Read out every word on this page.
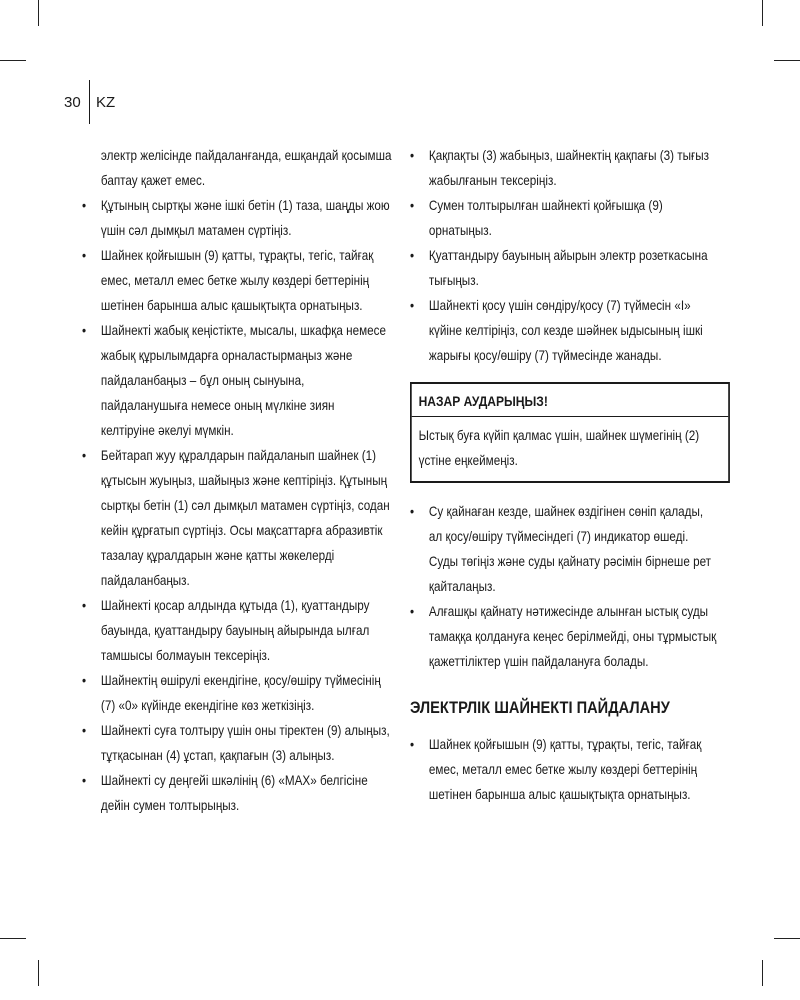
30 KZ

электр желісінде пайдаланғанда, ешқандай қосымша баптау қажет емес.

• Құтының сыртқы және ішкі бетін (1) таза, шаңды жою үшін сәл дымқыл матамен сүртіңіз.
• Шайнек қойғышын (9) қатты, тұрақты, тегіс, тайғақ емес, металл емес бетке жылу көздері беттерінің шетінен барынша алыс қашықтықта орнатыңыз.
• Шайнекті жабық кеңістікте, мысалы, шкафқа немесе жабық құрылымдарға орналастырмаңыз және пайдаланбаңыз – бұл оның сынуына, пайдаланушыға немесе оның мүлкіне зиян келтіруіне әкелуі мүмкін.
• Бейтарап жуу құралдарын пайдаланып шайнек (1) құтысын жуыңыз, шайыңыз және кептіріңіз. Құтының сыртқы бетін (1) сәл дымқыл матамен сүртіңіз, содан кейін құрғатып сүртіңіз. Осы мақсаттарға абразивтік тазалау құралдарын және қатты жөкелерді пайдаланбаңыз.
• Шайнекті қосар алдында құтыда (1), қуаттандыру бауында, қуаттандыру бауының айырында ылғал тамшысы болмауын тексеріңіз.
• Шайнектің өшірулі екендігіне, қосу/өшіру түймесінің (7) «0» күйінде екендігіне көз жеткізіңіз.
• Шайнекті суға толтыру үшін оны тіректен (9) алыңыз, тұтқасынан (4) ұстап, қақпағын (3) алыңыз.
• Шайнекті су деңгейі шкәлінің (6) «MAX» белгісіне дейін сумен толтырыңыз.
• Қақпақты (3) жабыңыз, шайнектің қақпағы (3) тығыз жабылғанын тексеріңіз.
• Сумен толтырылған шайнекті қойғышқа (9) орнатыңыз.
• Қуаттандыру бауының айырын электр розеткасына тығыңыз.
• Шайнекті қосу үшін сөндіру/қосу (7) түймесін «I» күйіне келтіріңіз, сол кезде шәйнек ыдысының ішкі жарығы қосу/өшіру (7) түймесінде жанады.
НАЗАР АУДАРЫҢЫЗ!
Ыстық буға күйіп қалмас үшін, шайнек шүмегінің (2) үстіне еңкеймеңіз.
• Су қайнаған кезде, шайнек өздігінен сөніп қалады, ал қосу/өшіру түймесіндегі (7) индикатор өшеді. Суды төгіңіз және суды қайнату рәсімін бірнеше рет қайталаңыз.
• Алғашқы қайнату нәтижесінде алынған ыстық суды тамаққа қолдануға кеңес берілмейді, оны тұрмыстық қажеттіліктер үшін пайдалануға болады.
ЭЛЕКТРЛІК ШАЙНЕКТІ ПАЙДАЛАНУ
• Шайнек қойғышын (9) қатты, тұрақты, тегіс, тайғақ емес, металл емес бетке жылу көздері беттерінің шетінен барынша алыс қашықтықта орнатыңыз.
